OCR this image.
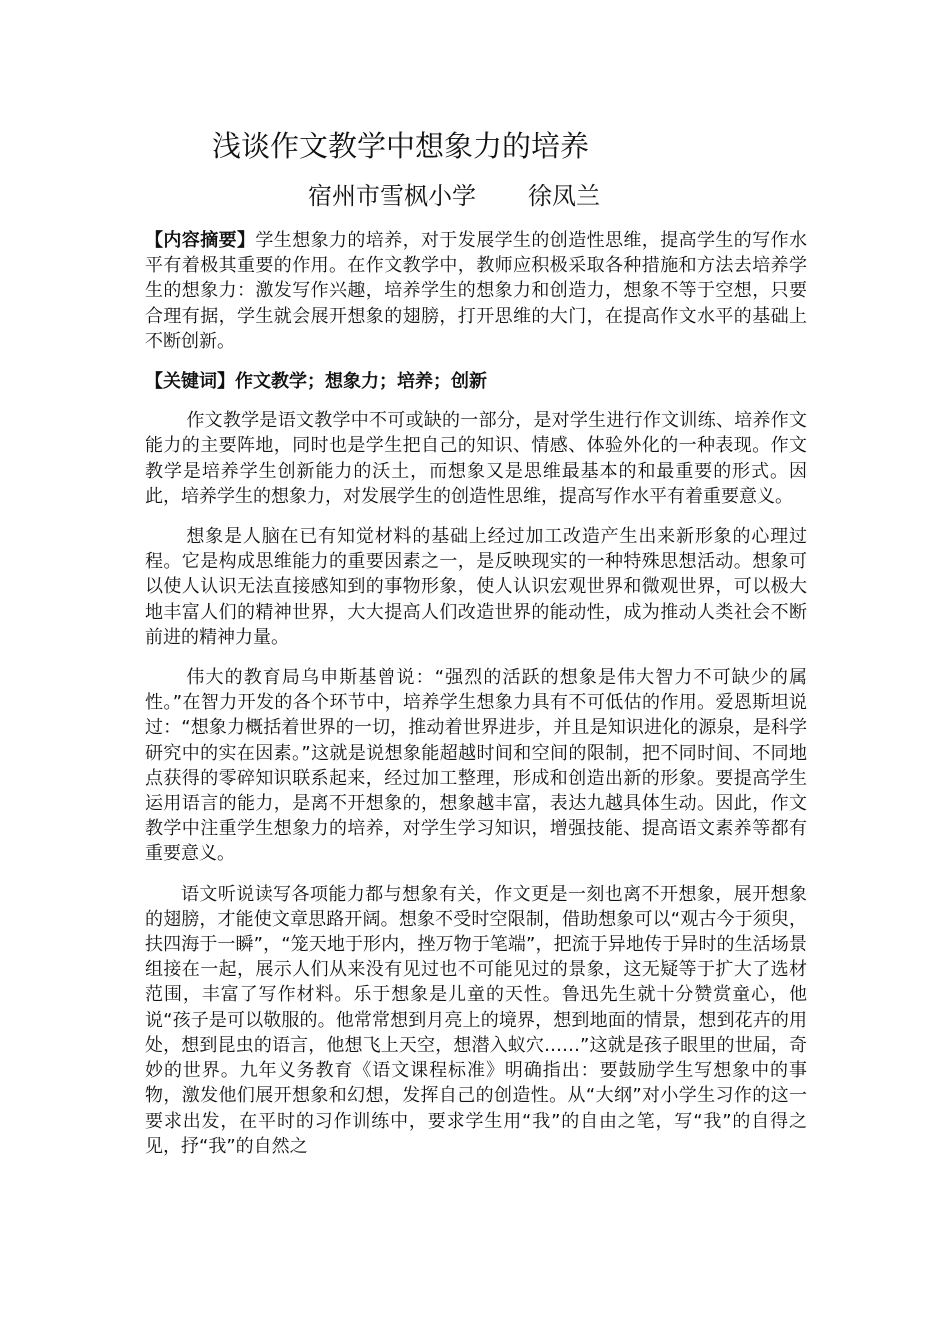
浅谈作文教学中想象力的培养
宿州市雪枫小学 徐凤兰

【内容摘要】学生想象力的培养，对于发展学生的创造性思维，提高学生的写作水平有着极其重要的作用。在作文教学中，教师应积极采取各种措施和方法去培养学生的想象力：激发写作兴趣，培养学生的想象力和创造力，想象不等于空想，只要合理有据，学生就会展开想象的翅膀，打开思维的大门，在提高作文水平的基础上不断创新。

【关键词】作文教学；想象力；培养；创新

作文教学是语文教学中不可或缺的一部分，是对学生进行作文训练、培养作文能力的主要阵地，同时也是学生把自己的知识、情感、体验外化的一种表现。作文教学是培养学生创新能力的沃土，而想象又是思维最基本的和最重要的形式。因此，培养学生的想象力，对发展学生的创造性思维，提高写作水平有着重要意义。

想象是人脑在已有知觉材料的基础上经过加工改造产生出来新形象的心理过程。它是构成思维能力的重要因素之一，是反映现实的一种特殊思想活动。想象可以使人认识无法直接感知到的事物形象，使人认识宏观世界和微观世界，可以极大地丰富人们的精神世界，大大提高人们改造世界的能动性，成为推动人类社会不断前进的精神力量。

伟大的教育局乌申斯基曾说：“强烈的活跃的想象是伟大智力不可缺少的属性。”在智力开发的各个环节中，培养学生想象力具有不可低估的作用。爱恩斯坦说过：“想象力概括着世界的一切，推动着世界进步，并且是知识进化的源泉，是科学研究中的实在因素。”这就是说想象能超越时间和空间的限制，把不同时间、不同地点获得的零碎知识联系起来，经过加工整理，形成和创造出新的形象。要提高学生运用语言的能力，是离不开想象的，想象越丰富，表达九越具体生动。因此，作文教学中注重学生想象力的培养，对学生学习知识，增强技能、提高语文素养等都有重要意义。

语文听说读写各项能力都与想象有关，作文更是一刻也离不开想象，展开想象的翅膀，才能使文章思路开阔。想象不受时空限制，借助想象可以“观古今于须臾，扶四海于一瞬”，“笼天地于形内，挫万物于笔端”，把流于异地传于异时的生活场景组接在一起，展示人们从来没有见过也不可能见过的景象，这无疑等于扩大了选材范围，丰富了写作材料。乐于想象是儿童的天性。鲁迅先生就十分赞赏童心，他说“孩子是可以敬服的。他常常想到月亮上的境界，想到地面的情景，想到花卉的用处，想到昆虫的语言，他想飞上天空，想潜入蚁穴……”这就是孩子眼里的世届，奇妙的世界。九年义务教育《语文课程标准》明确指出：要鼓励学生写想象中的事物，激发他们展开想象和幻想，发挥自己的创造性。从“大纲”对小学生习作的这一要求出发，在平时的习作训练中，要求学生用“我”的自由之笔，写“我”的自得之见，抒“我”的自然之
